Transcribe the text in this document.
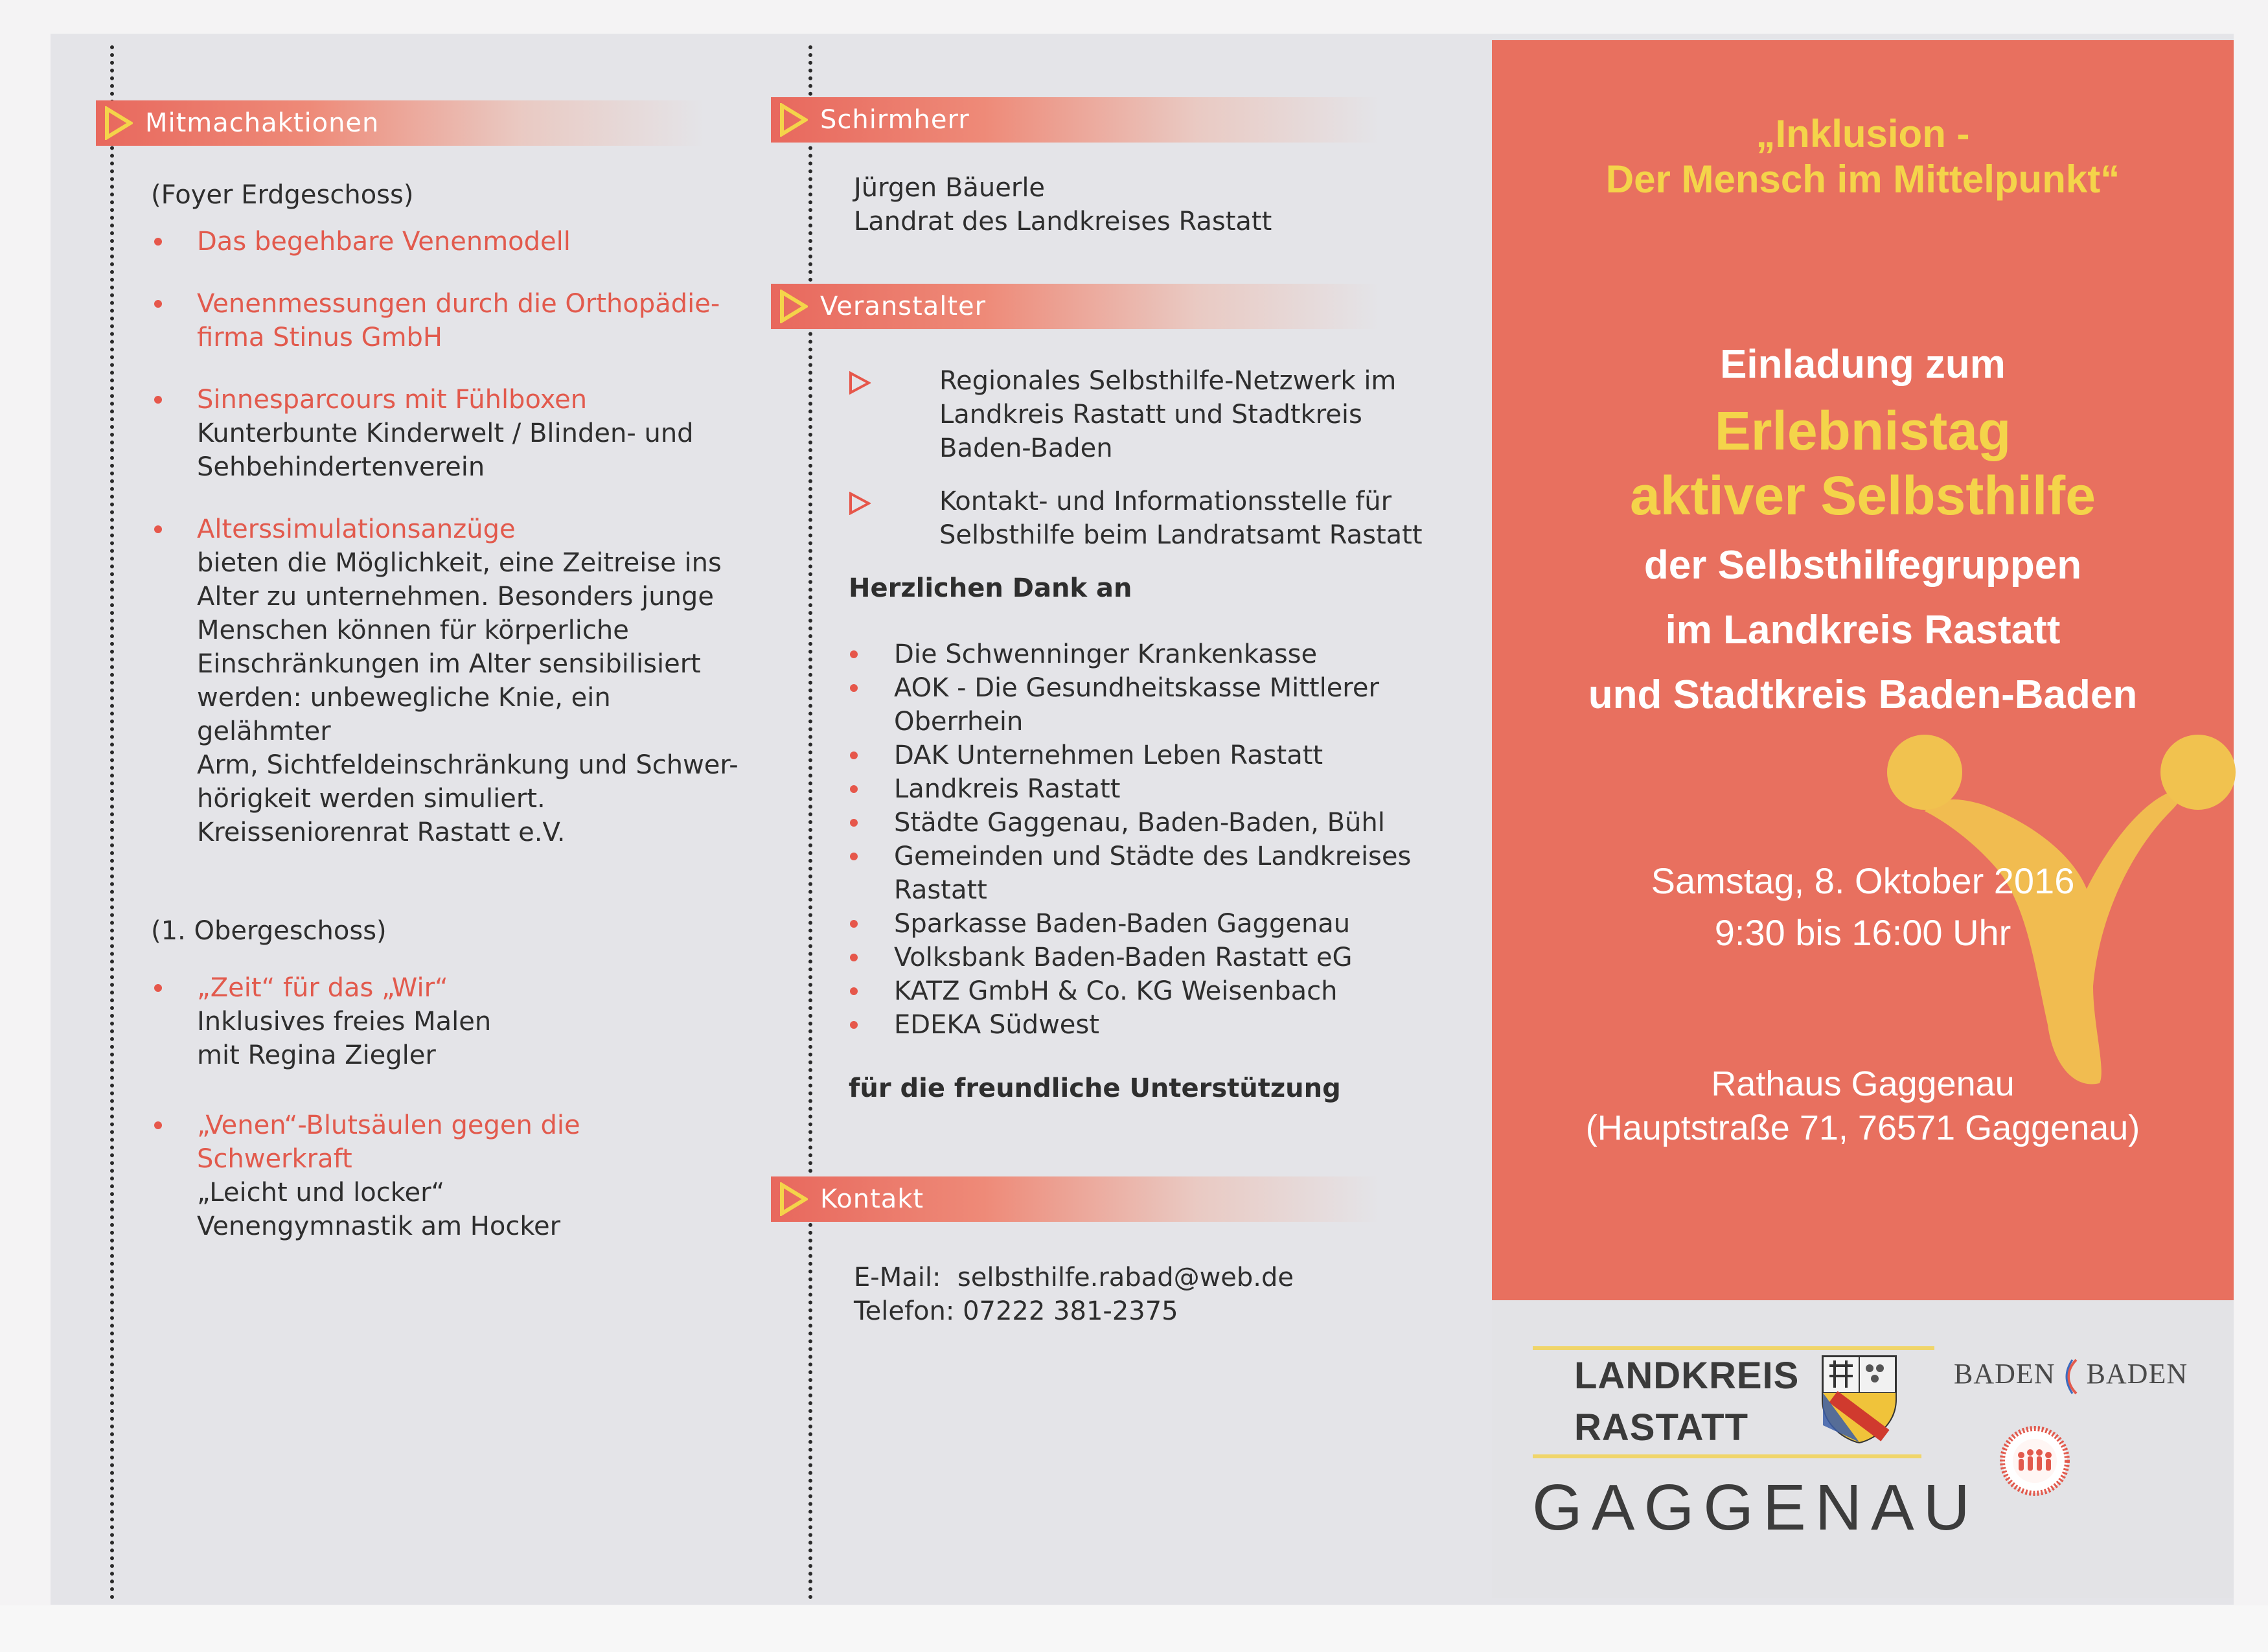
Mitmachaktionen
(Foyer Erdgeschoss)
Das begehbare Venenmodell
Venenmessungen durch die Orthopädie-
firma Stinus GmbH
Sinnesparcours mit Fühlboxen
Kunterbunte Kinderwelt / Blinden- und
Sehbehindertenverein
Alterssimulationsanzüge
bieten die Möglichkeit, eine Zeitreise ins
Alter zu unternehmen. Besonders junge
Menschen können für körperliche
Einschränkungen im Alter sensibilisiert
werden: unbewegliche Knie, ein gelähmter
Arm, Sichtfeldeinschränkung und Schwer-
hörigkeit werden simuliert.
Kreisseniorenrat Rastatt e.V.
(1. Obergeschoss)
„Zeit“ für das „Wir“
Inklusives freies Malen
mit Regina Ziegler
„Venen“-Blutsäulen gegen die Schwerkraft
„Leicht und locker“
Venengymnastik am Hocker
Schirmherr
Jürgen Bäuerle
Landrat des Landkreises Rastatt
Veranstalter
Regionales Selbsthilfe-Netzwerk im
Landkreis Rastatt und Stadtkreis
Baden-Baden
Kontakt- und Informationsstelle für
Selbsthilfe beim Landratsamt Rastatt
Herzlichen Dank an
Die Schwenninger Krankenkasse
AOK - Die Gesundheitskasse Mittlerer
Oberrhein
DAK Unternehmen Leben Rastatt
Landkreis Rastatt
Städte Gaggenau, Baden-Baden, Bühl
Gemeinden und Städte des Landkreises Rastatt
Sparkasse Baden-Baden Gaggenau
Volksbank Baden-Baden Rastatt eG
KATZ GmbH & Co. KG Weisenbach
EDEKA Südwest
für die freundliche Unterstützung
Kontakt
E-Mail: selbsthilfe.rabad@web.de
Telefon: 07222 381-2375
„Inklusion -
Der Mensch im Mittelpunkt“
Einladung zum
Erlebnistag
aktiver Selbsthilfe
der Selbsthilfegruppen
im Landkreis Rastatt
und Stadtkreis Baden-Baden
Samstag, 8. Oktober 2016
9:30 bis 16:00 Uhr
Rathaus Gaggenau
(Hauptstraße 71, 76571 Gaggenau)
LANDKREIS
RASTATT
GAGGENAU
BADEN BADEN
